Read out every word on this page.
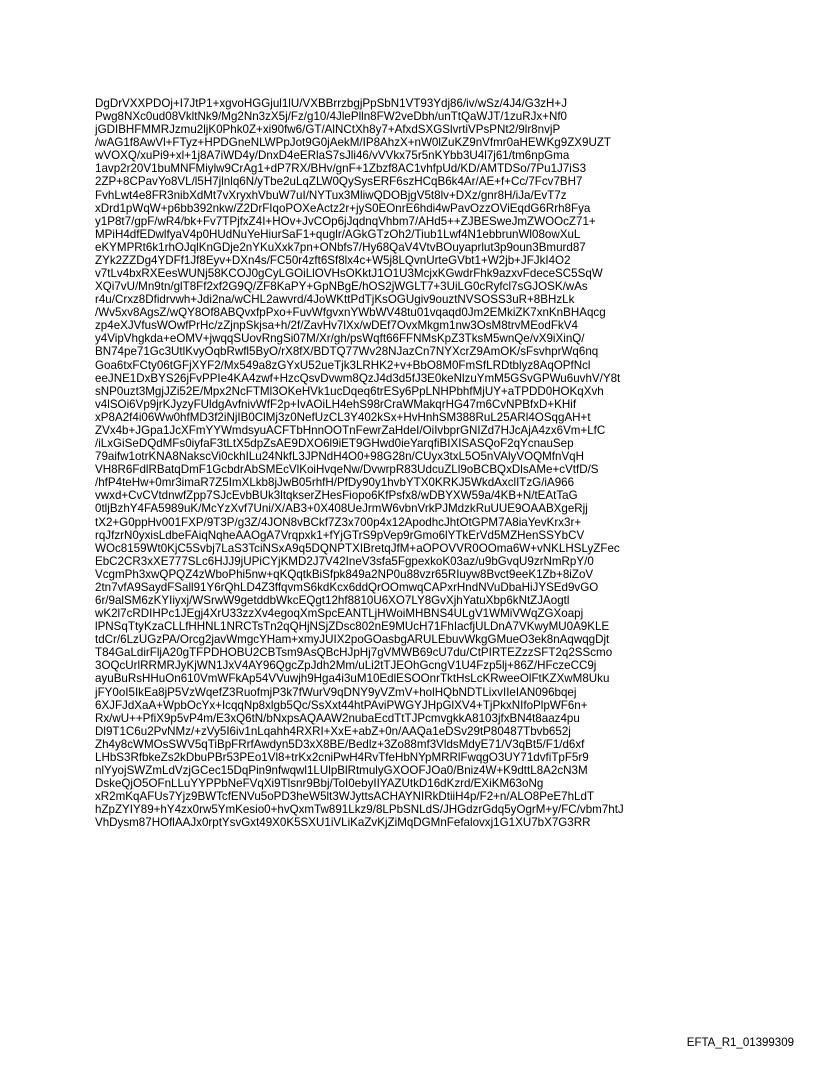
DgDrVXXPDOj+I7JtP1+xgvoHGGjul1lU/VXBBrrzbgjPpSbN1VT93Ydj86/iv/wSz/4J4/G3zH+J
Pwg8NXc0ud08VkltNk9/Mg2Nn3zX5j/Fz/g10/4JlePlln8FW2veDbh/unTtQaWJT/1zuRJx+Nf0
jGDIBHFMMRJzmu2ljK0Phk0Z+xi90fw6/GT/AlNCtXh8y7+AfxdSXGSlvrtiVPsPNt2/9lr8nvjP
/wAG1f8AwVl+FTyz+HPDGneNLWPpJot9G0jAekM/IP8AhzX+nW0lZuKZ9nVfmr0aHEWKg9ZX9UZT
wVOXQ/xuPi9+xl+1j8A7iWD4y/DnxD4eERlaS7sJli46/vVVkx75r5nKYbb3U4l7j61/tm6npGma
1avp2r20V1buMNFMiylw9CrAg1+dP7RX/BHv/gnF+1Zbzf8AC1vhfpUd/KD/AMTDSo/7Pu1J7iS3
2ZP+8CPavYo8VL/l5H7jlnlq6N/yTbe2uLqZLW0QySysERF6szHCqB6k4Ar/AE+f+Cc/7Fcv7BH7
FvhLwt4e8FR3nibXdMt7vXryxhVbuW7uI/NYTux3MliwQDOBjgV5t8lv+DXz/gnr8H/iJa/EvT7z
xDrd1pWqW+p6bb392nkw/Z2DrFIqoPOXeActz2r+jyS0EOnrE6hdi4wPavOzzOViEqdG6Rrh8Fya
y1P8t7/gpF/wR4/bk+Fv7TPjfxZ4I+HOv+JvCOp6jJqdnqVhbm7/AHd5++ZJBESweJmZWOOcZ71+
MPiH4dfEDwlfyaV4p0HUdNuYeHiurSaF1+quglr/AGkGTzOh2/Tiub1Lwf4N1ebbrunWl08owXuL
eKYMPRt6k1rhOJqlKnGDje2nYKuXxk7pn+ONbfs7/Hy68QaV4VtvBOuyaprlut3p9oun3Bmurd87
ZYk2ZZDg4YDFf1Jf8Eyv+DXn4s/FC50r4zft6Sf8lx4c+W5j8LQvnUrteGVbt1+W2jb+JFJkI4O2
v7tLv4bxRXEesWUNj58KCOJ0gCyLGOiLlOVHsOKktJ1O1U3McjxKGwdrFhk9azxvFdeceSC5SqW
XQi7vU/Mn9tn/glT8Ff2xf2G9Q/ZF8KaPY+GpNBgE/hOS2jWGLT7+3UiLG0cRyfcl7sGJOSK/wAs
r4u/Crxz8Dfidrvwh+Jdi2na/wCHL2awvrd/4JoWKttPdTjKsOGUgiv9ouztNVSOSS3uR+8BHzLk
/Wv5xv8AgsZ/wQY8Of8ABQvxfpPxo+FuvWfgvxnYWbWV48tu01vqaqd0Jm2EMkiZK7xnKnBHAqcg
zp4eXJVfusWOwfPrHc/zZjnpSkjsa+h/2f/ZavHv7lXx/wDEf7OvxMkgm1nw3OsM8trvMEodFkV4
y4VipVhgkda+eOMV+jwqqSUovRngSi07M/Xr/gh/psWqft66FFNMsKpZ3TksM5wnQe/vX9iXinQ/
BN74pe71Gc3UtlKvyOqbRwfl5ByO/rX8fX/BDTQ77Wv28NJazCn7NYXcrZ9AmOK/sFsvhprWq6nq
Goa6txFCty06tGFjXYF2/Mx549a8zGYxU52ueTjk3LRHK2+v+BbO8M0FmSfLRDtblyz8AqOPfNcl
eeJNE1DxBYS26jFvPPIe4KA4zwf+HzcQsvDvwm8QzJ4d3d5fJ3E0keNlzuYmM5GSvGPWu6uvhV/Y8t
sNP0uzt3MgjJZi52E/Mpx2NcFTMl3OKeHVk1ucDqeq6trESy6PpLNHPbhfMjUY+aTPDD0HOKqXvh
v4lSOi6Vp9jrKJyzyFUldgAvfnivWfF2p+IvAOiLH4ehS98rCraWMakqrHG47m6CvNPBfxD+KHif
xP8A2f4i06Ww0hfMD3f2iNjIB0ClMj3z0NefUzCL3Y402kSx+HvHnhSM388RuL25ARl4OSqgAH+t
ZVx4b+JGpa1JcXFmYYWmdsyuACFTbHnnOOTnFewrZaHdeI/OiIvbprGNIZd7HJcAjA4zx6Vm+LfC
/iLxGiSeDQdMFs0iyfaF3tLtX5dpZsAE9DXO6l9iET9GHwd0ieYarqfiBIXISASQoF2qYcnauSep
79aifw1otrKNA8NakscVi0ckhILu24NkfL3JPNdH4O0+98G28n/CUyx3txL5O5nVAlyVOQMfnVqH
VH8R6FdlRBatqDmF1GcbdrAbSMEcVlKoiHvqeNw/DvwrpR83UdcuZLl9oBCBQxDlsAMe+cVtfD/S
/hfP4teHw+0mr3imaR7Z5ImXLkb8jJwB05rhfH/PfDy90y1hvbYTX0KRKJ5WkdAxclITzG/iA966
vwxd+CvCVtdnwfZpp7SJcEvbBUk3ltqkserZHesFiopo6KfPsfx8/wDBYXW59a/4KB+N/tEAtTaG
0tljBzhY4FA5989uK/McYzXvf7Uni/X/AB3+0X408UeJrmW6vbnVrkPJMdzkRuUUE9OAABXgeRjj
tX2+G0ppHv001FXP/9T3P/g3Z/4JON8vBCkf7Z3x700p4x12ApodhcJhtOtGPM7A8iaYevKrx3r+
rqJfzrN0yxisLdbeFAiqNqheAAOgA7Vrqpxk1+fYjGTrS9pVep9rGmo6lYTkErVd5MZHenSSYbCV
WOc8159Wt0KjC5Svbj7LaS3TciNSxA9q5DQNPTXIBretqJfM+aOPOVVR0OOma6W+vNKLHSLyZFec
EbC2CR3xXE777SLc6HJJ9jUPiCYjKMD2J7V42IneV3sfa5FgpexkoK03az/u9bGvqU9zrNmRpY/0
VcgmPh3xwQPQZ4zWboPhi5nw+qKQqtkBiSfpk849a2NP0u88vzr65RIuyw8Bvct9eeK1Zb+8iZoV
2tn7vfA9SaydFSall91Y6rQhLD4Z3ffqvmS6kdKcx6ddQrOOmwqCAPxrHndNVuDbaHiJYSEd9vGO
6r/9alSM6zKYIiyxj/WSrwW9getddbWkcEQgt12hf8810U6XO7LY8GvXjhYatuXbp6kNtZJAogtl
wK2l7cRDIHPc1JEgj4XrU33zzXv4egoqXmSpcEANTLjHWoiMHBNS4ULgV1WMiVWqZGXoapj
lPNSqTtyKzaCLLfHHNL1NRCTsTn2qQHjNSjZDsc802nE9MUcH71FhIacfjULDnA7VKwyMU0A9KLE
tdCr/6LzUGzPA/Orcg2javWmgcYHam+xmyJUIX2poGOasbgARULEbuvWkgGMueO3ek8nAqwqgDjt
T84GaLdirFljA20gTFPDHOBU2CBTsm9AsQBcHJpHj7gVMWB69cU7du/CtPIRTEZzzSFT2q2SScmo
3OQcUrlRRMRJyKjWN1JxV4AY96QgcZpJdh2Mm/uLi2tTJEOhGcngV1U4Fzp5lj+86Z/HFczeCC9j
ayuBuRsHHuOn610VmWFkAp54VVuwjh9Hga4i3uM10EdlESOOnrTktHsLcKRweeOlFtKZXwM8Uku
jFY0oI5IkEa8jP5VzWqefZ3RuofmjP3k7fWurV9qDNY9yVZmV+holHQbNDTLixvIIeIAN096bqej
6XJFJdXaA+WpbOcYx+IcqqNp8xlgb5Qc/SsXxt44htPAviPWGYJHpGlXV4+TjPkxNIfoPlpWF6n+
Rx/wU++PfiX9p5vP4m/E3xQ6tN/bNxpsAQAAW2nubaEcdTtTJPcmvgkkA8103jfxBN4t8aaz4pu
Dl9T1C6u2PvNMz/+zVy5I6iv1nLqahh4RXRI+XxE+abZ+0n/AAQa1eDSv29tP80487Tbvb652j
Zh4y8cWMOsSWV5qTiBpFRrfAwdyn5D3xX8BE/Bedlz+3Zo88mf3VldsMdyE71/V3qBt5/F1/d6xf
LHbS3RfbkeZs2kDbuPBr53PEo1Vl8+trKx2cniPwH4RvTfeHbNYpMRRlFwqgO3UY71dvfiTpF5r9
nlYyojSWZmLdVzjGCec15DqPin9nfwqwl1LUlpBlRtmulyGXOOFJOa0/Bniz4W+K9dttL8A2cN3M
DskeQjO5OFnLLuYYPPbNeFVqXi9Tlsnr9Bbj/ToI0ebyIIYAZUtkD16dKzrd/EXiKM63oNg
xR2mKqAFUs7Yjz9BWTcfENVu5oPD3heW5lt3WJyttsACHAYNIRkDtiiH4p/F2+n/ALO8PeE7hLdT
hZpZYIY89+hY4zx0rw5YmKesio0+hvQxmTw891Lkz9/8LPbSNLdS/JHGdzrGdq5yOgrM+y/FC/vbm7htJ
VhDysm87HOflAAJx0rptYsvGxt49X0K5SXU1iVLiKaZvKjZiMqDGMnFefalovxj1G1XU7bX7G3RR
EFTA_R1_01399309
